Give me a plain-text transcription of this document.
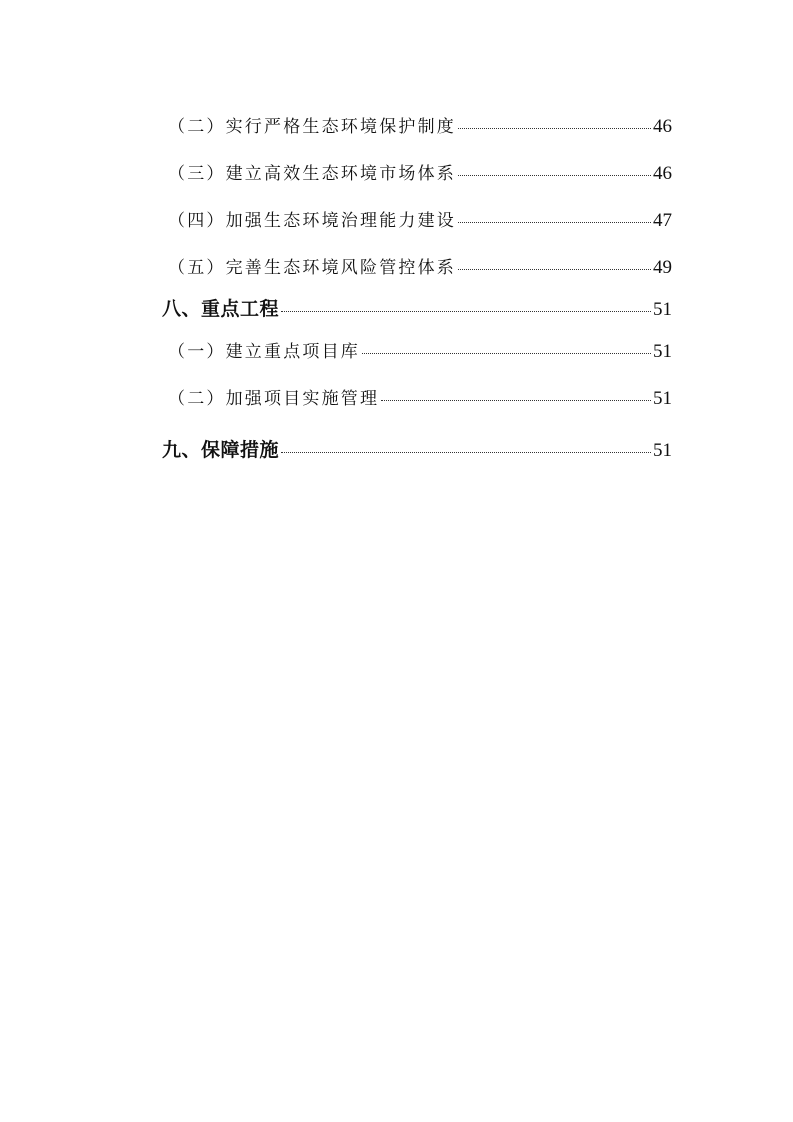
（二）实行严格生态环境保护制度	46
（三）建立高效生态环境市场体系	46
（四）加强生态环境治理能力建设	47
（五）完善生态环境风险管控体系	49
八、重点工程	51
（一）建立重点项目库	51
（二）加强项目实施管理	51
九、保障措施	51
